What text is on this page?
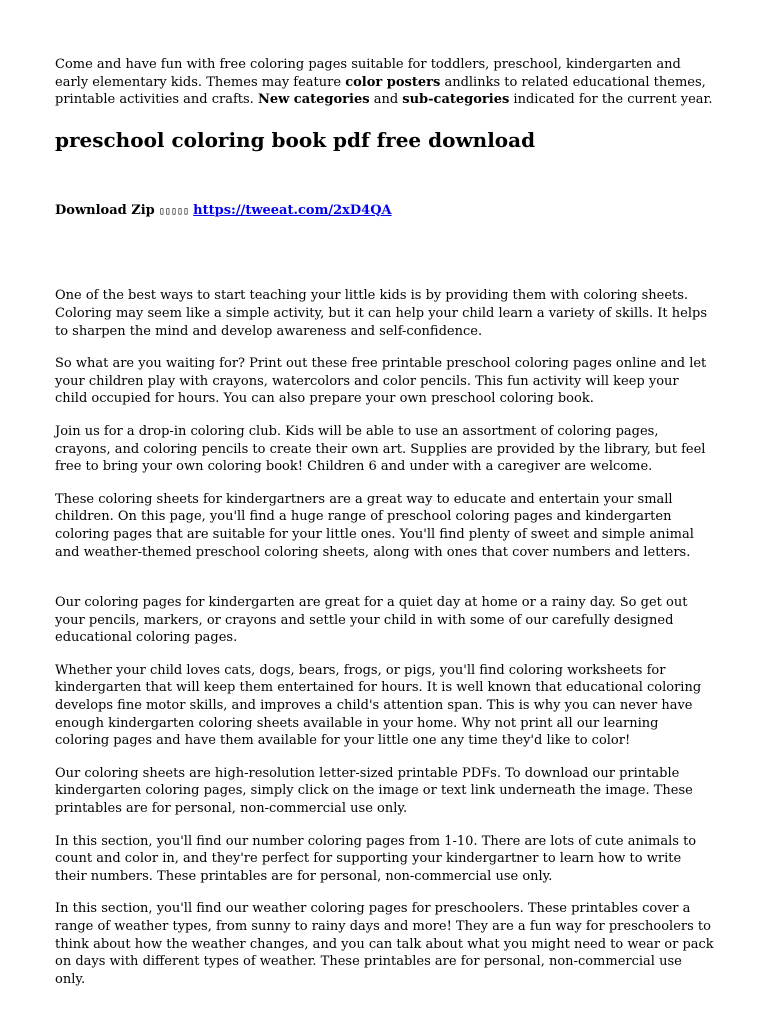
Come and have fun with free coloring pages suitable for toddlers, preschool, kindergarten and early elementary kids. Themes may feature color posters andlinks to related educational themes, printable activities and crafts. New categories and sub-categories indicated for the current year.

preschool coloring book pdf free download
Download Zip ▯▯▯▯▯ https://tweeat.com/2xD4QA

One of the best ways to start teaching your little kids is by providing them with coloring sheets. Coloring may seem like a simple activity, but it can help your child learn a variety of skills. It helps to sharpen the mind and develop awareness and self-confidence.

So what are you waiting for? Print out these free printable preschool coloring pages online and let your children play with crayons, watercolors and color pencils. This fun activity will keep your child occupied for hours. You can also prepare your own preschool coloring book.

Join us for a drop-in coloring club. Kids will be able to use an assortment of coloring pages, crayons, and coloring pencils to create their own art. Supplies are provided by the library, but feel free to bring your own coloring book! Children 6 and under with a caregiver are welcome.

These coloring sheets for kindergartners are a great way to educate and entertain your small children. On this page, you'll find a huge range of preschool coloring pages and kindergarten coloring pages that are suitable for your little ones. You'll find plenty of sweet and simple animal and weather-themed preschool coloring sheets, along with ones that cover numbers and letters.

Our coloring pages for kindergarten are great for a quiet day at home or a rainy day. So get out your pencils, markers, or crayons and settle your child in with some of our carefully designed educational coloring pages.

Whether your child loves cats, dogs, bears, frogs, or pigs, you'll find coloring worksheets for kindergarten that will keep them entertained for hours. It is well known that educational coloring develops fine motor skills, and improves a child's attention span. This is why you can never have enough kindergarten coloring sheets available in your home. Why not print all our learning coloring pages and have them available for your little one any time they'd like to color!

Our coloring sheets are high-resolution letter-sized printable PDFs. To download our printable kindergarten coloring pages, simply click on the image or text link underneath the image. These printables are for personal, non-commercial use only.

In this section, you'll find our number coloring pages from 1-10. There are lots of cute animals to count and color in, and they're perfect for supporting your kindergartner to learn how to write their numbers. These printables are for personal, non-commercial use only.

In this section, you'll find our weather coloring pages for preschoolers. These printables cover a range of weather types, from sunny to rainy days and more! They are a fun way for preschoolers to think about how the weather changes, and you can talk about what you might need to wear or pack on days with different types of weather. These printables are for personal, non-commercial use only.
